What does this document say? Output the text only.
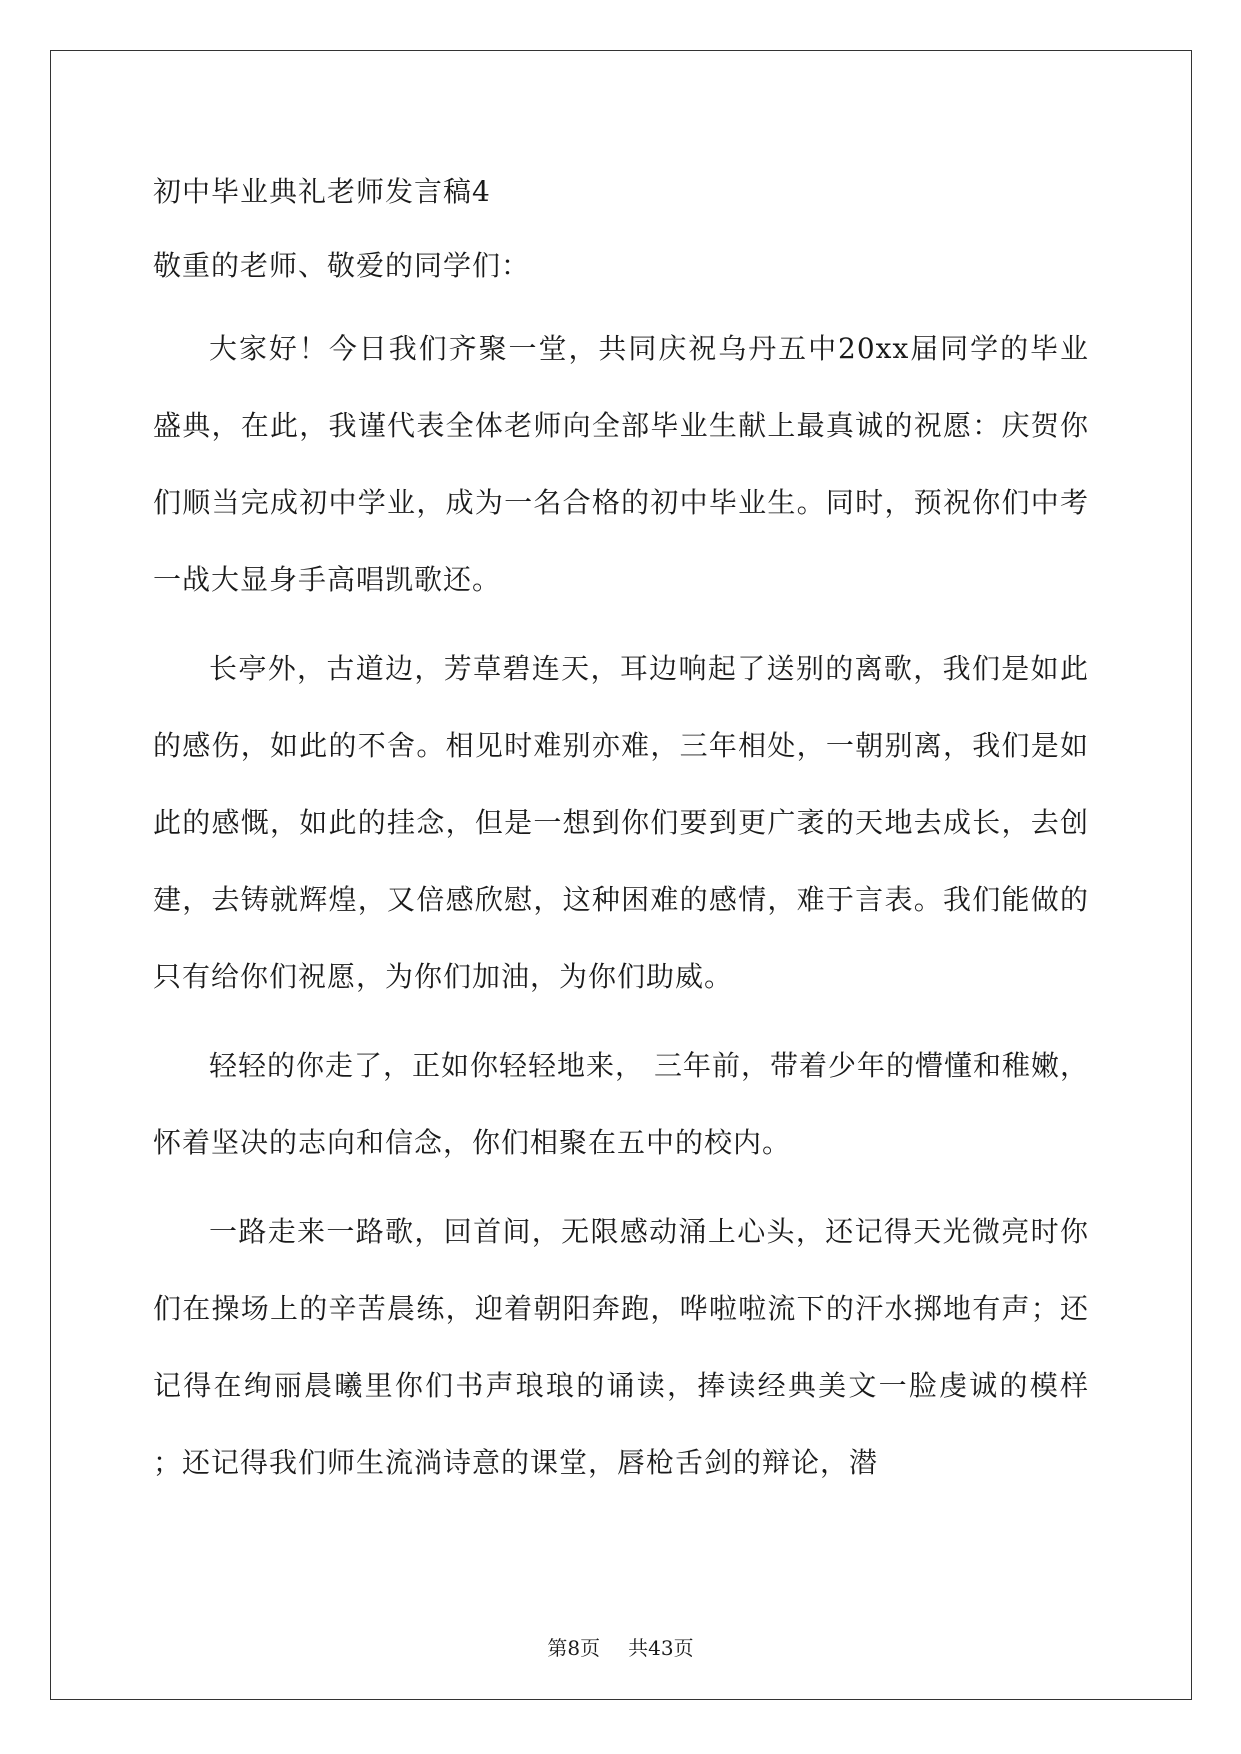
初中毕业典礼老师发言稿4

敬重的老师、敬爱的同学们：

大家好！今日我们齐聚一堂，共同庆祝乌丹五中20xx届同学的毕业盛典，在此，我谨代表全体老师向全部毕业生献上最真诚的祝愿：庆贺你们顺当完成初中学业，成为一名合格的初中毕业生。同时，预祝你们中考一战大显身手高唱凯歌还。

长亭外，古道边，芳草碧连天，耳边响起了送别的离歌，我们是如此的感伤，如此的不舍。相见时难别亦难，三年相处，一朝别离，我们是如此的感慨，如此的挂念，但是一想到你们要到更广袤的天地去成长，去创建，去铸就辉煌，又倍感欣慰，这种困难的感情，难于言表。我们能做的只有给你们祝愿，为你们加油，为你们助威。

轻轻的你走了，正如你轻轻地来， 三年前，带着少年的懵懂和稚嫩，怀着坚决的志向和信念，你们相聚在五中的校内。

一路走来一路歌，回首间，无限感动涌上心头，还记得天光微亮时你们在操场上的辛苦晨练，迎着朝阳奔跑，哗啦啦流下的汗水掷地有声；还记得在绚丽晨曦里你们书声琅琅的诵读，捧读经典美文一脸虔诚的模样 ；还记得我们师生流淌诗意的课堂，唇枪舌剑的辩论，潜

第8页 共43页
